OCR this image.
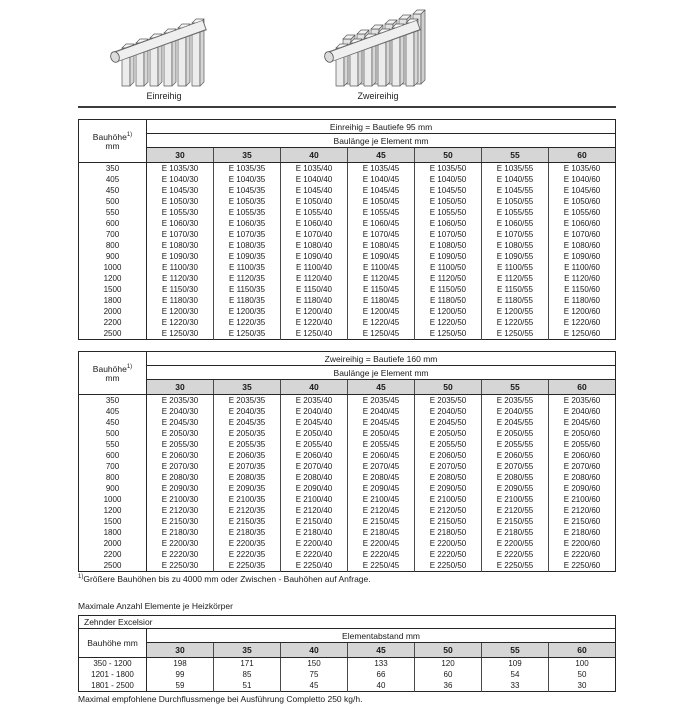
Einreihig	Zweireihig
Bauhöhe$^{1)}$
mm	Einreihig = Bautiefe 95 mm						
	Baulänge je Element mm						
	30	35	40	45	50	55	60
350	E 1035/30	E 1035/35	E 1035/40	E 1035/45	E 1035/50	E 1035/55	E 1035/60
405	E 1040/30	E 1040/35	E 1040/40	E 1040/45	E 1040/50	E 1040/55	E 1040/60
450	E 1045/30	E 1045/35	E 1045/40	E 1045/45	E 1045/50	E 1045/55	E 1045/60
500	E 1050/30	E 1050/35	E 1050/40	E 1050/45	E 1050/50	E 1050/55	E 1050/60
550	E 1055/30	E 1055/35	E 1055/40	E 1055/45	E 1055/50	E 1055/55	E 1055/60
600	E 1060/30	E 1060/35	E 1060/40	E 1060/45	E 1060/50	E 1060/55	E 1060/60
700	E 1070/30	E 1070/35	E 1070/40	E 1070/45	E 1070/50	E 1070/55	E 1070/60
800	E 1080/30	E 1080/35	E 1080/40	E 1080/45	E 1080/50	E 1080/55	E 1080/60
900	E 1090/30	E 1090/35	E 1090/40	E 1090/45	E 1090/50	E 1090/55	E 1090/60
1000	E 1100/30	E 1100/35	E 1100/40	E 1100/45	E 1100/50	E 1100/55	E 1100/60
1200	E 1120/30	E 1120/35	E 1120/40	E 1120/45	E 1120/50	E 1120/55	E 1120/60
1500	E 1150/30	E 1150/35	E 1150/40	E 1150/45	E 1150/50	E 1150/55	E 1150/60
1800	E 1180/30	E 1180/35	E 1180/40	E 1180/45	E 1180/50	E 1180/55	E 1180/60
2000	E 1200/30	E 1200/35	E 1200/40	E 1200/45	E 1200/50	E 1200/55	E 1200/60
2200	E 1220/30	E 1220/35	E 1220/40	E 1220/45	E 1220/50	E 1220/55	E 1220/60
2500	E 1250/30	E 1250/35	E 1250/40	E 1250/45	E 1250/50	E 1250/55	E 1250/60
Bauhöhe$^{1)}$
mm	Zweireihig = Bautiefe 160 mm						
	Baulänge je Element mm						
	30	35	40	45	50	55	60
350	E 2035/30	E 2035/35	E 2035/40	E 2035/45	E 2035/50	E 2035/55	E 2035/60
405	E 2040/30	E 2040/35	E 2040/40	E 2040/45	E 2040/50	E 2040/55	E 2040/60
450	E 2045/30	E 2045/35	E 2045/40	E 2045/45	E 2045/50	E 2045/55	E 2045/60
500	E 2050/30	E 2050/35	E 2050/40	E 2050/45	E 2050/50	E 2050/55	E 2050/60
550	E 2055/30	E 2055/35	E 2055/40	E 2055/45	E 2055/50	E 2055/55	E 2055/60
600	E 2060/30	E 2060/35	E 2060/40	E 2060/45	E 2060/50	E 2060/55	E 2060/60
700	E 2070/30	E 2070/35	E 2070/40	E 2070/45	E 2070/50	E 2070/55	E 2070/60
800	E 2080/30	E 2080/35	E 2080/40	E 2080/45	E 2080/50	E 2080/55	E 2080/60
900	E 2090/30	E 2090/35	E 2090/40	E 2090/45	E 2090/50	E 2090/55	E 2090/60
1000	E 2100/30	E 2100/35	E 2100/40	E 2100/45	E 2100/50	E 2100/55	E 2100/60
1200	E 2120/30	E 2120/35	E 2120/40	E 2120/45	E 2120/50	E 2120/55	E 2120/60
1500	E 2150/30	E 2150/35	E 2150/40	E 2150/45	E 2150/50	E 2150/55	E 2150/60
1800	E 2180/30	E 2180/35	E 2180/40	E 2180/45	E 2180/50	E 2180/55	E 2180/60
2000	E 2200/30	E 2200/35	E 2200/40	E 2200/45	E 2200/50	E 2200/55	E 2200/60
2200	E 2220/30	E 2220/35	E 2220/40	E 2220/45	E 2220/50	E 2220/55	E 2220/60
2500	E 2250/30	E 2250/35	E 2250/40	E 2250/45	E 2250/50	E 2250/55	E 2250/60
$^{1)}$Größere Bauhöhen bis zu 4000 mm oder Zwischen - Bauhöhen auf Anfrage.
Maximale Anzahl Elemente je Heizkörper
Zehnder Excelsior							
Bauhöhe mm	Elementabstand mm						
	30	35	40	45	50	55	60
350 - 1200	198	171	150	133	120	109	100
1201 - 1800	99	85	75	66	60	54	50
1801 - 2500	59	51	45	40	36	33	30
Maximal empfohlene Durchflussmenge bei Ausführung Completto 250 kg/h.
